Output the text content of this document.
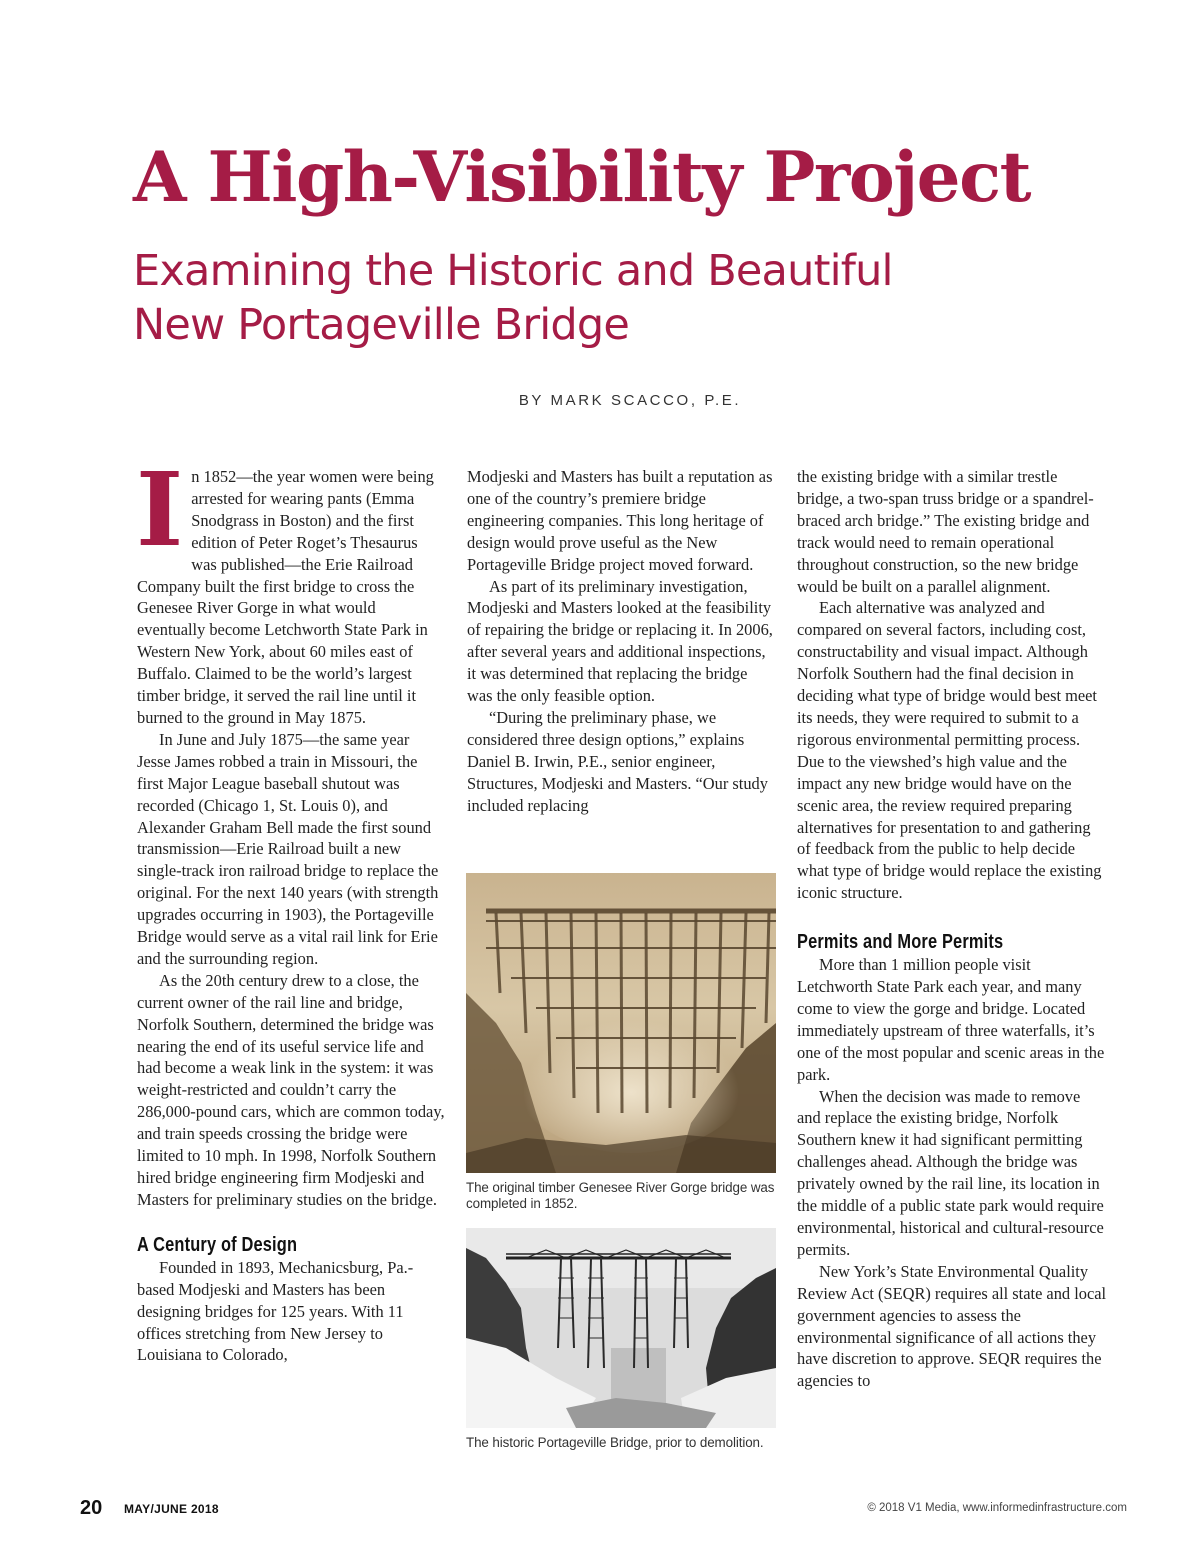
A High-Visibility Project
Examining the Historic and Beautiful
New Portageville Bridge
BY MARK SCACCO, P.E.

In 1852—the year women were being arrested for wearing pants (Emma Snodgrass in Boston) and the first edition of Peter Roget’s Thesaurus was published—the Erie Railroad Company built the first bridge to cross the Genesee River Gorge in what would eventually become Letchworth State Park in Western New York, about 60 miles east of Buffalo. Claimed to be the world’s largest timber bridge, it served the rail line until it burned to the ground in May 1875.

In June and July 1875—the same year Jesse James robbed a train in Missouri, the first Major League baseball shutout was recorded (Chicago 1, St. Louis 0), and Alexander Graham Bell made the first sound transmission—Erie Railroad built a new single-track iron railroad bridge to replace the original. For the next 140 years (with strength upgrades occurring in 1903), the Portageville Bridge would serve as a vital rail link for Erie and the surrounding region.

As the 20th century drew to a close, the current owner of the rail line and bridge, Norfolk Southern, determined the bridge was nearing the end of its useful service life and had become a weak link in the system: it was weight-restricted and couldn’t carry the 286,000-pound cars, which are common today, and train speeds crossing the bridge were limited to 10 mph. In 1998, Norfolk Southern hired bridge engineering firm Modjeski and Masters for preliminary studies on the bridge.

A Century of Design

Founded in 1893, Mechanicsburg, Pa.-based Modjeski and Masters has been designing bridges for 125 years. With 11 offices stretching from New Jersey to Louisiana to Colorado,

Modjeski and Masters has built a reputation as one of the country’s premiere bridge engineering companies. This long heritage of design would prove useful as the New Portageville Bridge project moved forward.

As part of its preliminary investigation, Modjeski and Masters looked at the feasibility of repairing the bridge or replacing it. In 2006, after several years and additional inspections, it was determined that replacing the bridge was the only feasible option.

“During the preliminary phase, we considered three design options,” explains Daniel B. Irwin, P.E., senior engineer, Structures, Modjeski and Masters. “Our study included replacing

The original timber Genesee River Gorge bridge was completed in 1852.
The historic Portageville Bridge, prior to demolition.

the existing bridge with a similar trestle bridge, a two-span truss bridge or a spandrel-braced arch bridge.” The existing bridge and track would need to remain operational throughout construction, so the new bridge would be built on a parallel alignment.

Each alternative was analyzed and compared on several factors, including cost, constructability and visual impact. Although Norfolk Southern had the final decision in deciding what type of bridge would best meet its needs, they were required to submit to a rigorous environmental permitting process. Due to the viewshed’s high value and the impact any new bridge would have on the scenic area, the review required preparing alternatives for presentation to and gathering of feedback from the public to help decide what type of bridge would replace the existing iconic structure.

Permits and More Permits

More than 1 million people visit Letchworth State Park each year, and many come to view the gorge and bridge. Located immediately upstream of three waterfalls, it’s one of the most popular and scenic areas in the park.

When the decision was made to remove and replace the existing bridge, Norfolk Southern knew it had significant permitting challenges ahead. Although the bridge was privately owned by the rail line, its location in the middle of a public state park would require environmental, historical and cultural-resource permits.

New York’s State Environmental Quality Review Act (SEQR) requires all state and local government agencies to assess the environmental significance of all actions they have discretion to approve. SEQR requires the agencies to

20 MAY/JUNE 2018	© 2018 V1 Media, www.informedinfrastructure.com
